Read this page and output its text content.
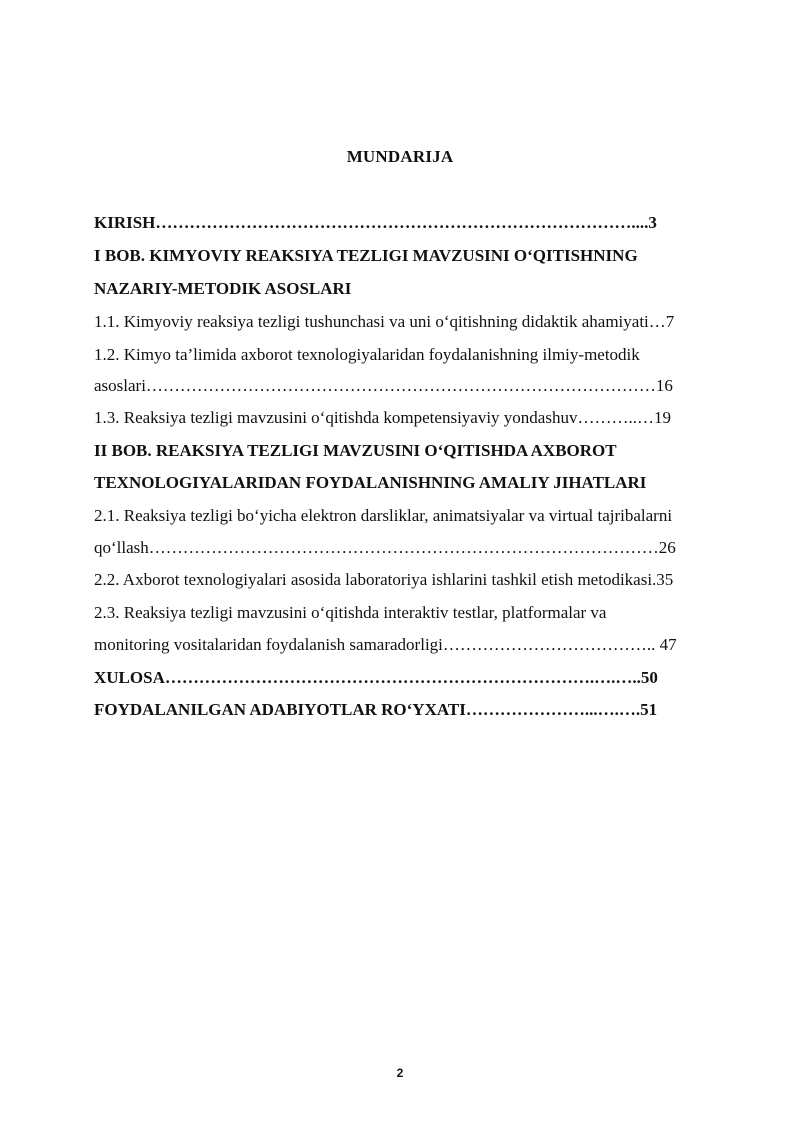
MUNDARIJA
KIRISH…………………………………………………………………………....3
I BOB. KIMYOVIY REAKSIYA TEZLIGI MAVZUSINI O‘QITISHNING
NAZARIY-METODIK ASOSLARI
1.1. Kimyoviy reaksiya tezligi tushunchasi va uni o‘qitishning didaktik ahamiyati…7
1.2. Kimyo ta’limida axborot texnologiyalaridan foydalanishning ilmiy-metodik
asoslari………………………………………………………………………………16
1.3. Reaksiya tezligi mavzusini o‘qitishda kompetensiyaviy yondashuv………..…19
II BOB. REAKSIYA TEZLIGI MAVZUSINI O‘QITISHDA AXBOROT
TEXNOLOGIYALARIDAN FOYDALANISHNING AMALIY JIHATLARI
2.1. Reaksiya tezligi bo‘yicha elektron darsliklar, animatsiyalar va virtual tajribalarni
qo‘llash………………………………………………………………………………26
2.2. Axborot texnologiyalari asosida laboratoriya ishlarini tashkil etish metodikasi.35
2.3. Reaksiya tezligi mavzusini o‘qitishda interaktiv testlar, platformalar va
monitoring vositalaridan foydalanish samaradorligi……………………………….. 47
XULOSA………………………………………………………………….….…..50
FOYDALANILGAN ADABIYOTLAR RO‘YXATI…………………...….….51
2
